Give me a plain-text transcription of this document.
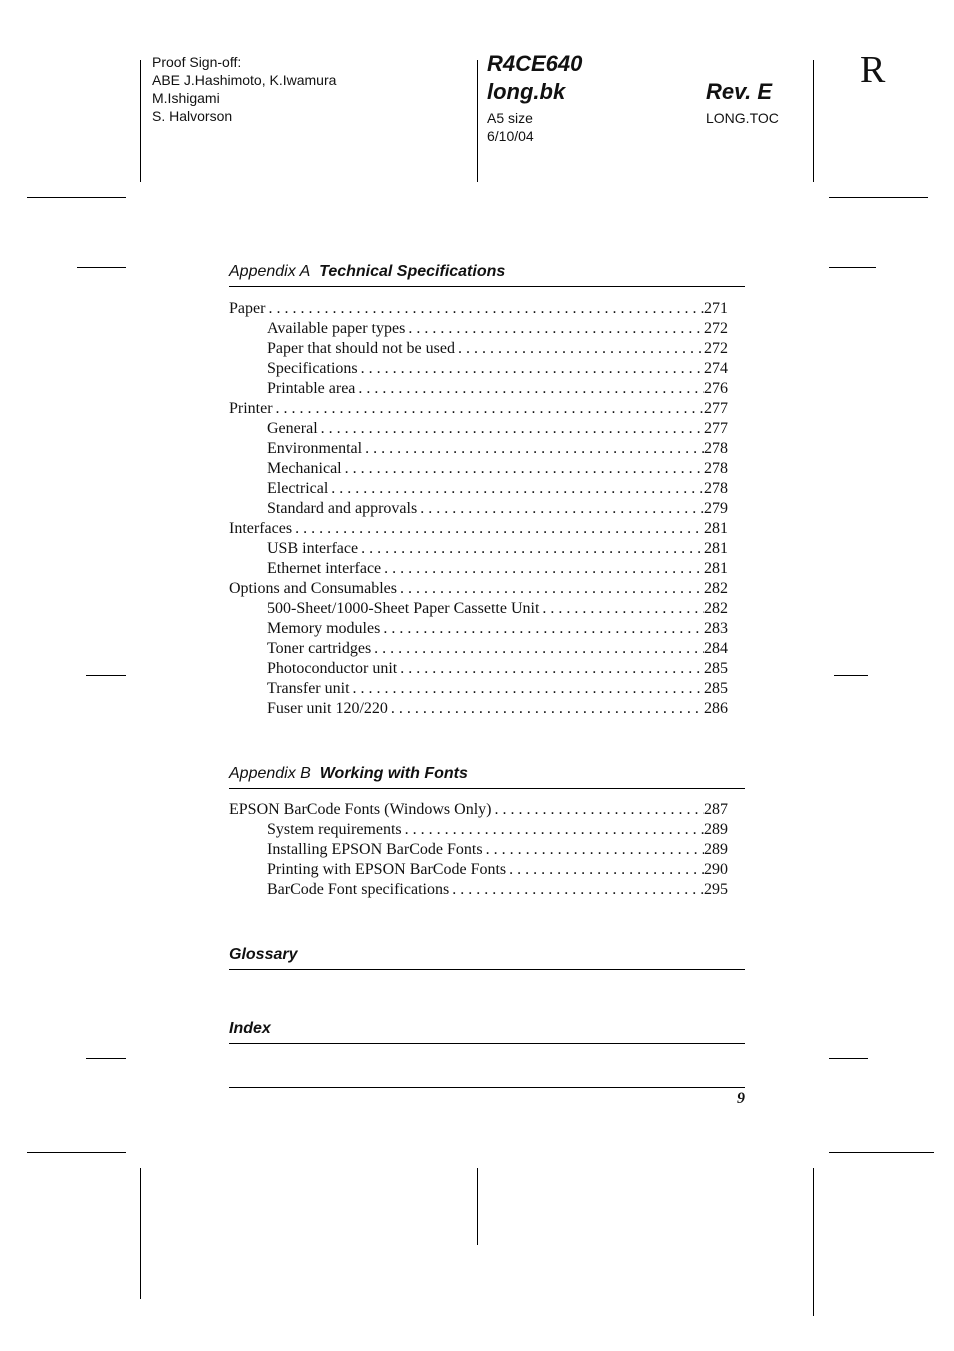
Proof Sign-off:
ABE J.Hashimoto, K.Iwamura
M.Ishigami
S. Halvorson
R4CE640
long.bk
A5 size
6/10/04
Rev. E
LONG.TOC
R
Appendix A Technical Specifications
Paper . . .	271
Available paper types . . .	272
Paper that should not be used . . .	272
Specifications . . .	274
Printable area . . .	276
Printer . . .	277
General . . .	277
Environmental . . .	278
Mechanical . . .	278
Electrical . . .	278
Standard and approvals . . .	279
Interfaces . . .	281
USB interface . . .	281
Ethernet interface . . .	281
Options and Consumables . . .	282
500-Sheet/1000-Sheet Paper Cassette Unit . . .	282
Memory modules . . .	283
Toner cartridges . . .	284
Photoconductor unit . . .	285
Transfer unit . . .	285
Fuser unit 120/220 . . .	286
Appendix B Working with Fonts
EPSON BarCode Fonts (Windows Only) . . .	287
System requirements . . .	289
Installing EPSON BarCode Fonts . . .	289
Printing with EPSON BarCode Fonts . . .	290
BarCode Font specifications . . .	295
Glossary
Index
9
